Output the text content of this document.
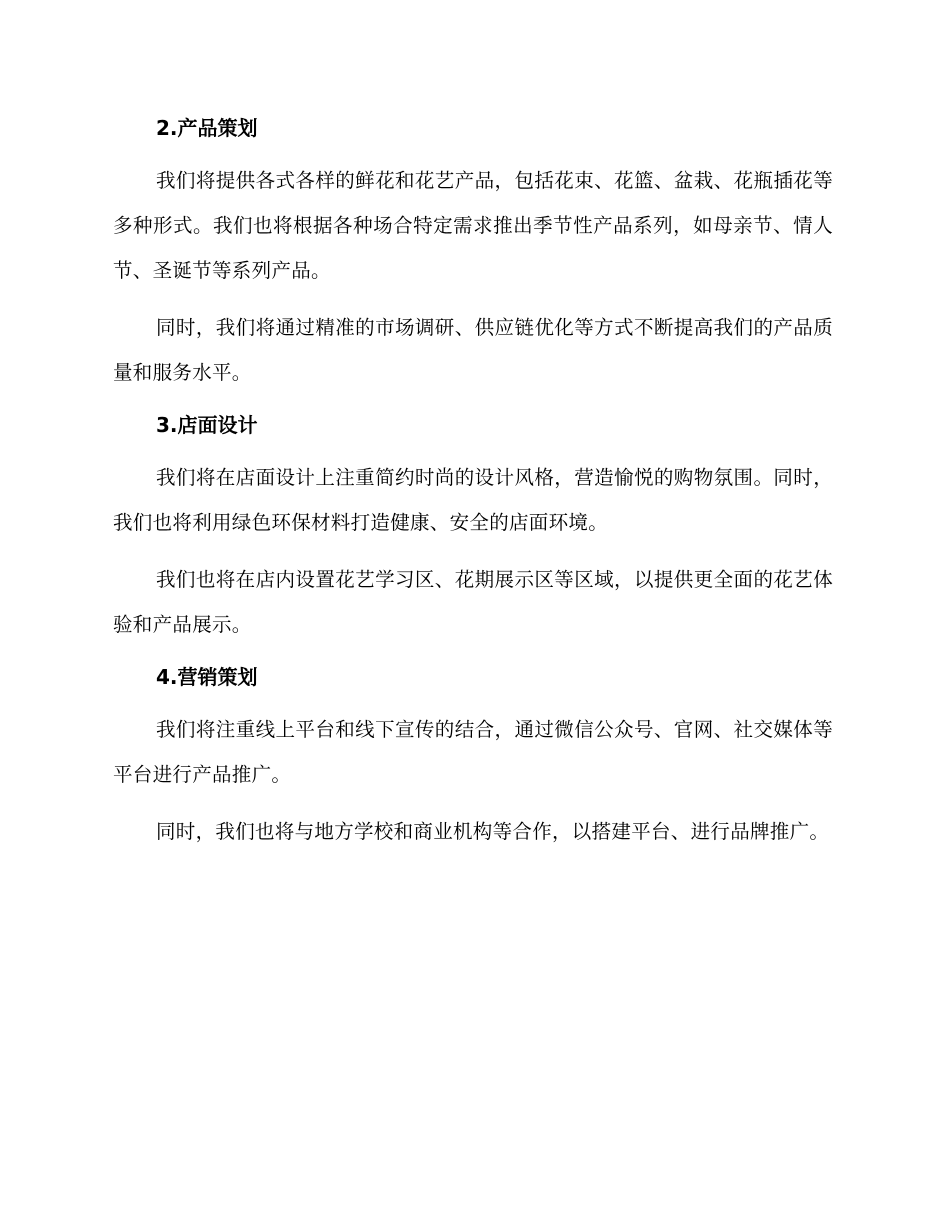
2.产品策划

我们将提供各式各样的鲜花和花艺产品，包括花束、花篮、盆栽、花瓶插花等多种形式。我们也将根据各种场合特定需求推出季节性产品系列，如母亲节、情人节、圣诞节等系列产品。

同时，我们将通过精准的市场调研、供应链优化等方式不断提高我们的产品质量和服务水平。

3.店面设计

我们将在店面设计上注重简约时尚的设计风格，营造愉悦的购物氛围。同时，我们也将利用绿色环保材料打造健康、安全的店面环境。

我们也将在店内设置花艺学习区、花期展示区等区域，以提供更全面的花艺体验和产品展示。

4.营销策划

我们将注重线上平台和线下宣传的结合，通过微信公众号、官网、社交媒体等平台进行产品推广。

同时，我们也将与地方学校和商业机构等合作，以搭建平台、进行品牌推广。
